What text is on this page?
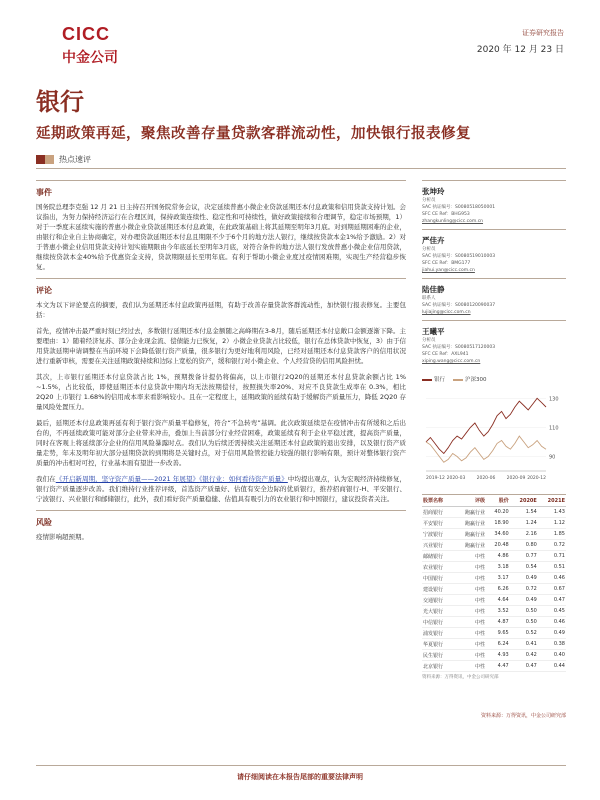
CICC
中金公司
证券研究报告
2020 年 12 月 23 日
银行
延期政策再延，聚焦改善存量贷款客群流动性，加快银行报表修复
热点速评
事件

国务院总理李克强 12 月 21 日主持召开国务院常务会议，决定延续普惠小微企业贷款延期还本付息政策和信用贷款支持计划。会议指出，为努力保持经济运行在合理区间，保持政策连续性、稳定性和可持续性，做好政策接续和合理调节，稳定市场预期，1）对于一季度末延续实施的普惠小微企业贷款延期还本付息政策，在此政策基础上将其延期至明年3月底。对到期延期困难的企业，由银行和企业自主协商确定，对办理贷款延期还本付息且期限不少于6个月的地方法人银行，继续按贷款本金1%给予激励。2）对于普惠小微企业信用贷款支持计划实施期限由今年底延长至明年3月底，对符合条件的地方法人银行发放普惠小微企业信用贷款，继续按贷款本金40%给予优惠资金支持，贷款期限延长至明年底。有利于帮助小微企业度过疫情困难期，实现生产经营稳步恢复。

评论

本文为以下评论要点的摘要，我们认为延期还本付息政策再延期，有助于改善存量贷款客群流动性，加快银行报表修复。主要包括：

首先，疫情冲击最严重时刻已经过去，多数银行延期还本付息金额随之高峰期在3-8月，随后延期还本付息敞口金额逐渐下降。主要理由：1）随着经济复苏、部分企业现金流、偿债能力已恢复，2）小微企业贷款占比较低，银行在总体贷款中恢复，3）由于信用贷款延期申请调整在当前环境下会降低银行资产质量，很多银行为更好地利用风险，已经对延期还本付息贷款客户的信用状况进行重新审核，需要在关注延期政策持续和边际上宽松的资产，缓和银行对小微企业、个人经营贷的信用风险担忧。

其次，上市银行延期还本付息贷款占比 1%，预期拨备计提仍将偏高，以上市银行2Q20的延期还本付息贷款余额占比 1% ~1.5%，占比较低，即使延期还本付息贷款中期内均无法按期偿付，按照损失率20%、对应不良贷款生成率在 0.3%，相比 2Q20 上市银行 1.68%的信用成本率来看影响较小。且在一定程度上，延期政策的延续有助于缓解资产质量压力，降低 2Q20 存量风险处置压力。

最后，延期还本付息政策再延有利于银行资产质量平稳修复，符合“不急转弯”基调。此次政策延续是在疫情冲击有所缓和之后出台的，不再延续政策可能对部分企业带来冲击，叠加上当前部分行业经营困难，政策延续有利于企业平稳过渡，提高资产质量，同时在客观上将延续部分企业的信用风险暴露时点。我们认为后续还需持续关注延期还本付息政策的退出安排，以及银行资产质量走势，年末及明年初大部分延期贷款的到期将是关键时点，对于信用风险管控能力较强的银行影响有限，预计对整体银行资产质量的冲击相对可控，行业基本面有望进一步改善。

我们在《开启新周期，坚守资产质量——2021 年展望》《银行业：如何看待资产质量》中均提出观点，认为宏观经济持续修复，银行资产质量逐步改善。我们维持行业推荐评级，首选资产质量好、估值有安全边际的优质银行，推荐招商银行-H、平安银行、宁波银行、兴业银行和邮储银行，此外，我们看好资产质量稳健、估值具有吸引力的农业银行和中国银行，建议投资者关注。

风险

疫情影响超预期。

张坤玲
分析员
SAC 执证编号：S0080518050001
SFC CE Ref：BHG953
zhangkunling@cicc.com.cn
严佳卉
分析员
SAC 执证编号：S0080519010003
SFC CE Ref：BMG177
jiahui.yan@cicc.com.cn
陆佳静
联系人
SAC 执证编号：S0080120090037
lujiajing@cicc.com.cn
王曦平
分析员
SAC 执证编号：S0080517120003
SFC CE Ref：AXL941
xiping.wang@cicc.com.cn
银行	沪深300
130
110
90
2019-12 2020-03 2020-06 2020-09 2020-12
股票名称	评级	股价	2020E	2021E
招商银行	跑赢行业	40.20	1.54	1.43
平安银行	跑赢行业	18.90	1.24	1.12
宁波银行	跑赢行业	34.60	2.16	1.85
兴业银行	跑赢行业	20.48	0.80	0.72
邮储银行	中性	4.86	0.77	0.71
农业银行	中性	3.18	0.54	0.51
中国银行	中性	3.17	0.49	0.46
建设银行	中性	6.26	0.72	0.67
交通银行	中性	4.64	0.49	0.47
光大银行	中性	3.52	0.50	0.45
中信银行	中性	4.87	0.50	0.46
浦发银行	中性	9.65	0.52	0.49
华夏银行	中性	6.24	0.41	0.38
民生银行	中性	4.93	0.42	0.40
北京银行	中性	4.47	0.47	0.44
资料来源：万得资讯，中金公司研究部
资料来源：万得资讯，中金公司研究部
请仔细阅读在本报告尾部的重要法律声明
